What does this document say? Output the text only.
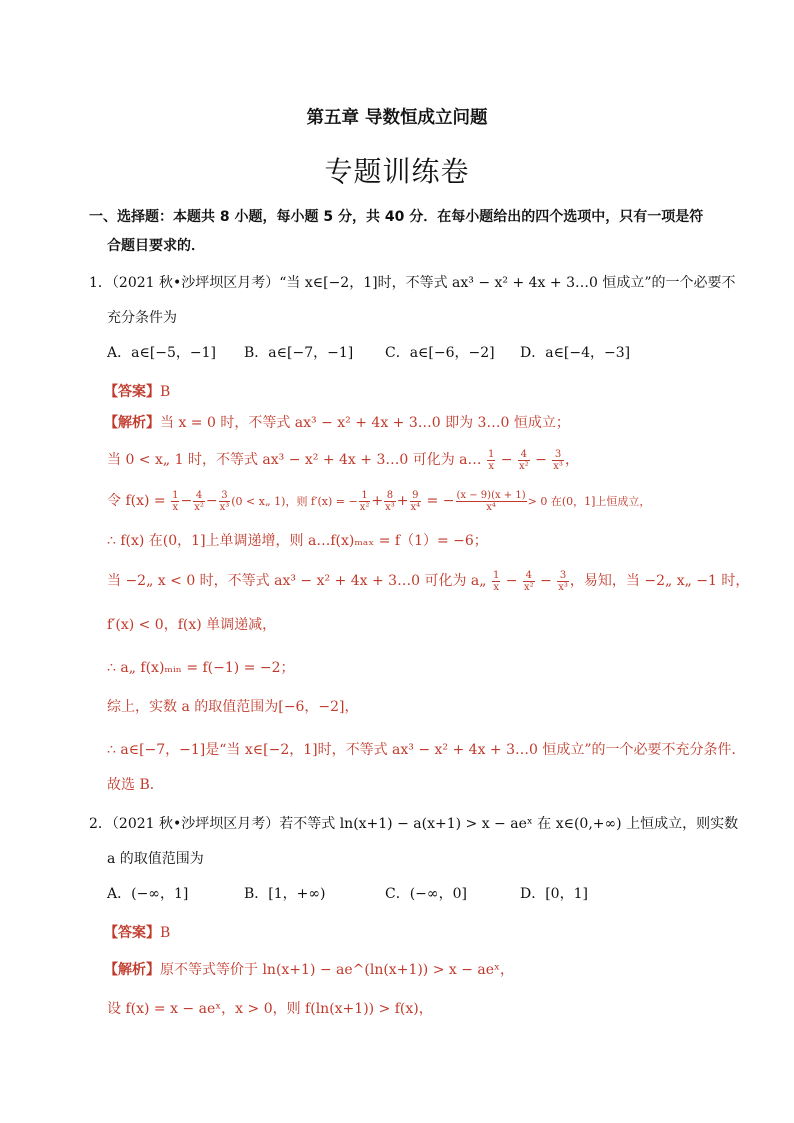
第五章 导数恒成立问题
专题训练卷
一、选择题：本题共 8 小题，每小题 5 分，共 40 分．在每小题给出的四个选项中，只有一项是符
合题目要求的．
1．（2021 秋•沙坪坝区月考）“当 x∈[−2，1]时，不等式 ax³ − x² + 4x + 3…0 恒成立”的一个必要不
充分条件为
A．a∈[−5，−1] B．a∈[−7，−1] C．a∈[−6，−2] D．a∈[−4，−3]
【答案】B
【解析】当 x = 0 时，不等式 ax³ − x² + 4x + 3…0 即为 3…0 恒成立；
当 0 < x„ 1 时，不等式 ax³ − x² + 4x + 3…0 可化为 a… $\frac{1}{x} - \frac{4}{\text{x²}} - \frac{3}{\text{x³}}$ ，
令 $f(x) = \frac{1}{x} - \frac{4}{\text{x²}} - \frac{3}{\text{x³}} (0$ < x„ 1)，则 f′(x) = − $\frac{1}{\text{x²}} + \frac{8}{\text{x³}} + \frac{9}{\text{x⁴}}$ = − $\frac{(x - 9)(x + 1)}{\text{x⁴}} > 0$ 在(0，1]上恒成立，
∴ f(x) 在(0，1]上单调递增，则 a…f(x)ₘₐₓ = f（1）= −6；
当 −2„ x < 0 时，不等式 ax³ − x² + 4x + 3…0 可化为 a„ $\frac{1}{x} - \frac{4}{\text{x²}} - \frac{3}{\text{x³}}$ ，易知，当 −2„ x„ −1 时，
f′(x) < 0，f(x) 单调递减，
∴ a„ f(x)ₘᵢₙ = f(−1) = −2；
综上，实数 a 的取值范围为[−6，−2]，
∴ a∈[−7，−1]是“当 x∈[−2，1]时，不等式 ax³ − x² + 4x + 3…0 恒成立”的一个必要不充分条件．
故选 B．
2．（2021 秋•沙坪坝区月考）若不等式 ln(x+1) − a(x+1) > x − aeˣ 在 x∈(0,+∞) 上恒成立，则实数
a 的取值范围为
A．(−∞，1]	B．[1，+∞)	C．(−∞，0]	D．[0，1]
【答案】B
【解析】原不等式等价于 ln(x+1) − ae^(ln(x+1)) > x − aeˣ，
设 f(x) = x − aeˣ，x > 0，则 f(ln(x+1)) > f(x)，
